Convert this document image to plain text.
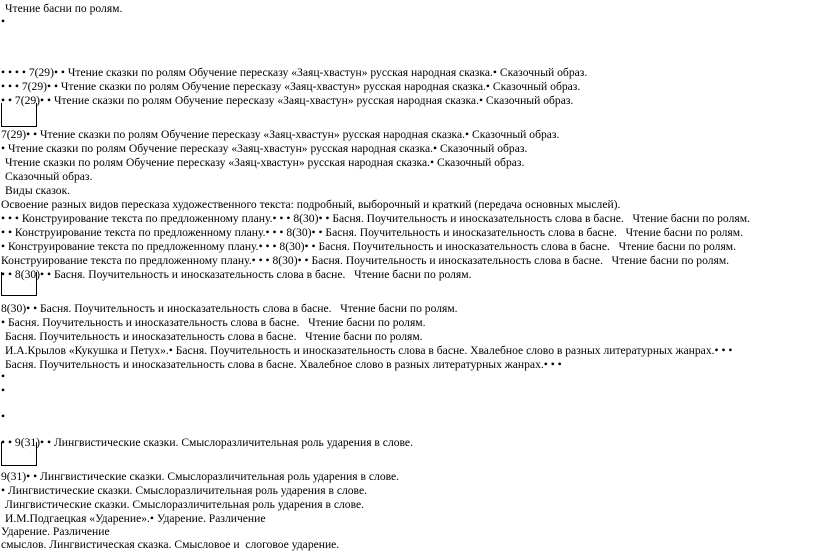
Чтение басни по ролям.
•
• • • • 7(29)• • Чтение сказки по ролям Обучение пересказу «Заяц-хвастун» русская народная сказка.• Сказочный образ.
• • • 7(29)• • Чтение сказки по ролям Обучение пересказу «Заяц-хвастун» русская народная сказка.• Сказочный образ.
• • 7(29)• • Чтение сказки по ролям Обучение пересказу «Заяц-хвастун» русская народная сказка.• Сказочный образ.
7(29)• • Чтение сказки по ролям Обучение пересказу «Заяц-хвастун» русская народная сказка.• Сказочный образ.
• Чтение сказки по ролям Обучение пересказу «Заяц-хвастун» русская народная сказка.• Сказочный образ.
Чтение сказки по ролям Обучение пересказу «Заяц-хвастун» русская народная сказка.• Сказочный образ.
Сказочный образ.
Виды сказок.
Освоение разных видов пересказа художественного текста: подробный, выборочный и краткий (передача основных мыслей).
• • • Конструирование текста по предложенному плану.• • • 8(30)• • Басня. Поучительность и иносказательность слова в басне.   Чтение басни по ролям.
• • Конструирование текста по предложенному плану.• • • 8(30)• • Басня. Поучительность и иносказательность слова в басне.   Чтение басни по ролям.
• Конструирование текста по предложенному плану.• • • 8(30)• • Басня. Поучительность и иносказательность слова в басне.   Чтение басни по ролям.
Конструирование текста по предложенному плану.• • • 8(30)• • Басня. Поучительность и иносказательность слова в басне.   Чтение басни по ролям.
• • 8(30)• • Басня. Поучительность и иносказательность слова в басне.   Чтение басни по ролям.
8(30)• • Басня. Поучительность и иносказательность слова в басне.   Чтение басни по ролям.
• Басня. Поучительность и иносказательность слова в басне.   Чтение басни по ролям.
Басня. Поучительность и иносказательность слова в басне.   Чтение басни по ролям.
И.А.Крылов «Кукушка и Петух».• Басня. Поучительность и иносказательность слова в басне. Хвалебное слово в разных литературных жанрах.• • •
Басня. Поучительность и иносказательность слова в басне. Хвалебное слово в разных литературных жанрах.• • •
•
•
•
• • 9(31)• • Лингвистические сказки. Смыслоразличительная роль ударения в слове.
9(31)• • Лингвистические сказки. Смыслоразличительная роль ударения в слове.
• Лингвистические сказки. Смыслоразличительная роль ударения в слове.
Лингвистические сказки. Смыслоразличительная роль ударения в слове.
И.М.Подгаецкая «Ударение».• Ударение. Различение
Ударение. Различение
смыслов. Лингвистическая сказка. Смысловое и  слоговое ударение.
